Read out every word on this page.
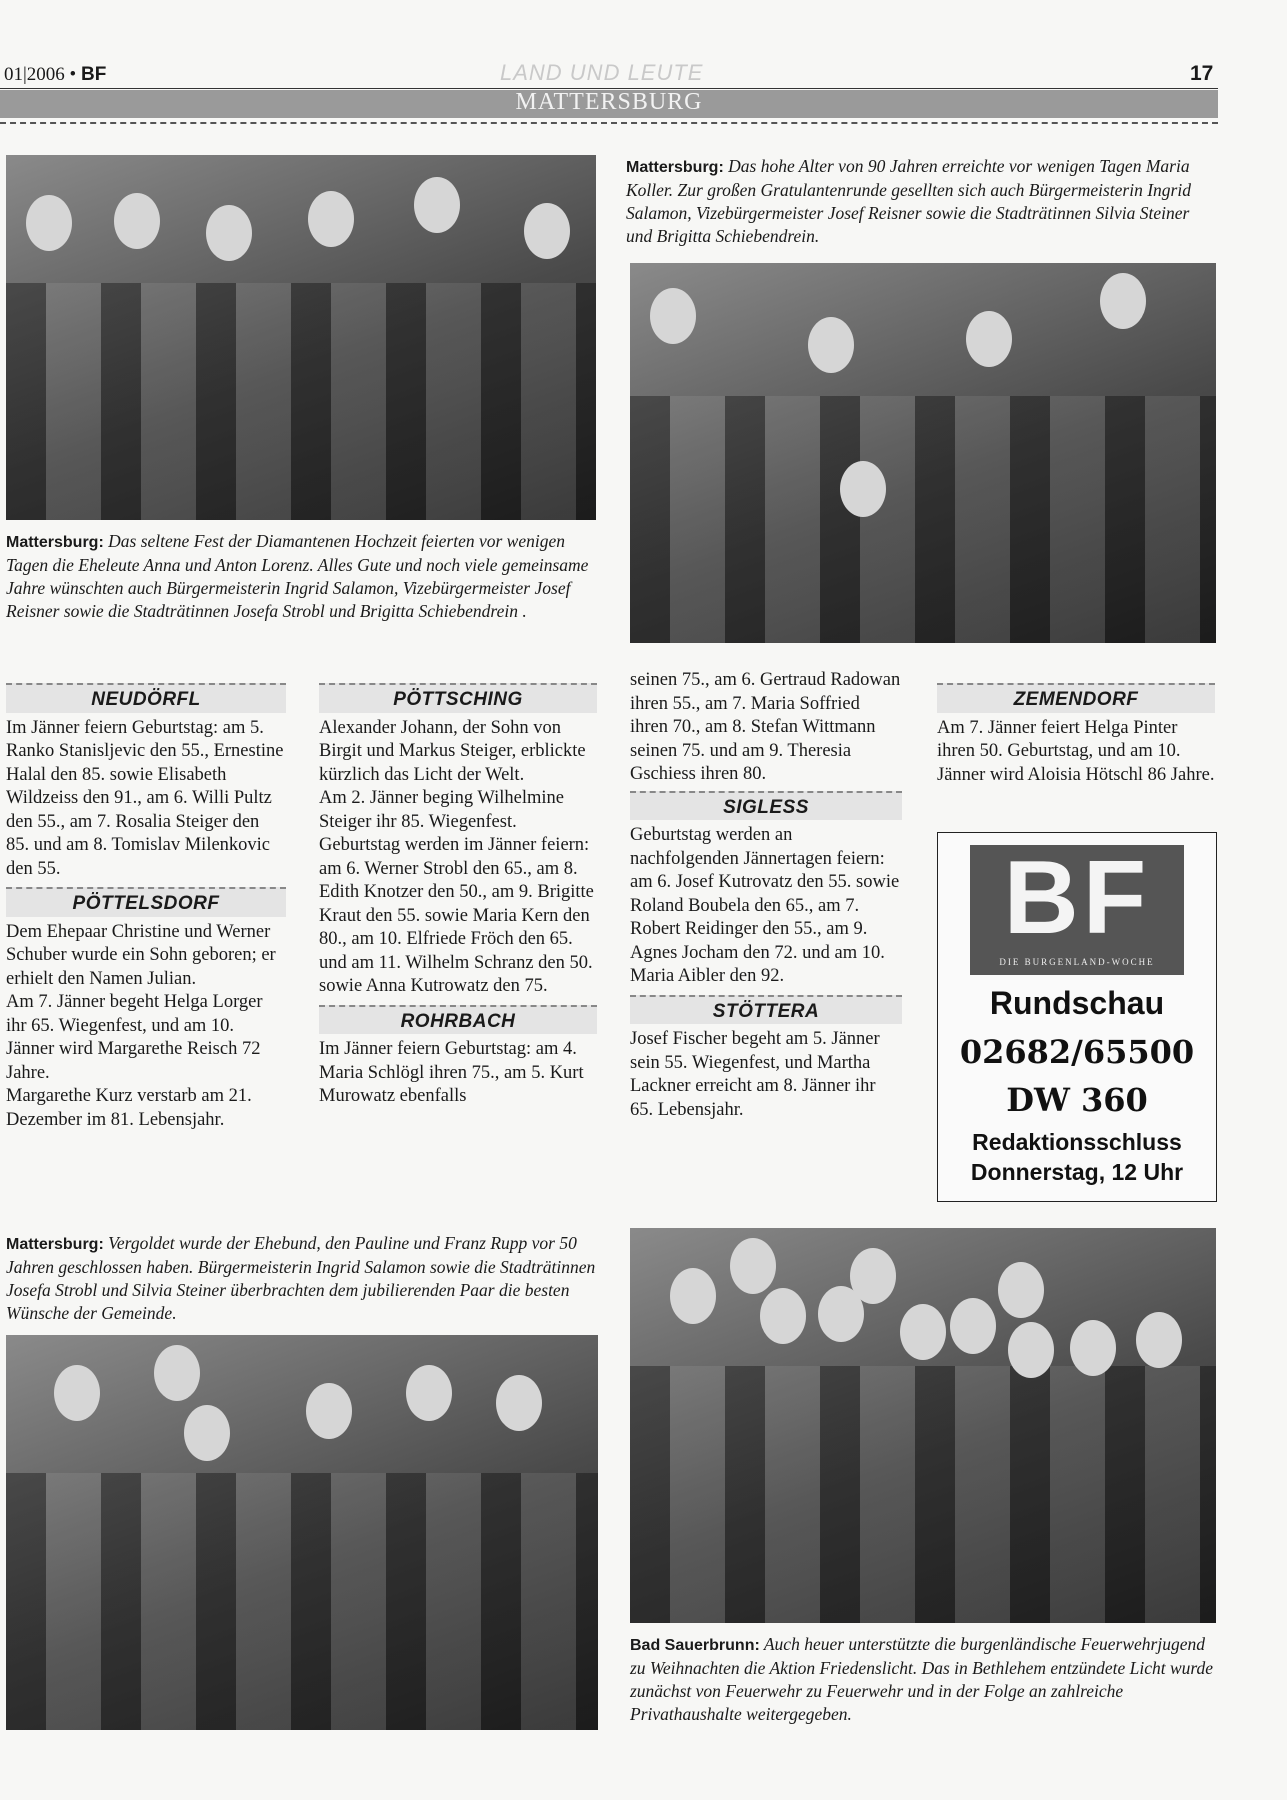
01|2006 • BF	LAND UND LEUTE	17
MATTERSBURG
Mattersburg: Das hohe Alter von 90 Jahren erreichte vor wenigen Tagen Maria Koller. Zur großen Gratulantenrunde gesellten sich auch Bürgermeisterin Ingrid Salamon, Vizebürgermeister Josef Reisner sowie die Stadträtinnen Silvia Steiner und Brigitta Schiebendrein.
Mattersburg: Das seltene Fest der Diamantenen Hochzeit feierten vor wenigen Tagen die Eheleute Anna und Anton Lorenz. Alles Gute und noch viele gemeinsame Jahre wünschten auch Bürgermeisterin Ingrid Salamon, Vizebürgermeister Josef Reisner sowie die Stadträtinnen Josefa Strobl und Brigitta Schiebendrein .
NEUDÖRFL

Im Jänner feiern Geburtstag: am 5. Ranko Stanisljevic den 55., Ernestine Halal den 85. sowie Elisabeth Wildzeiss den 91., am 6. Willi Pultz den 55., am 7. Rosalia Steiger den 85. und am 8. Tomislav Milenkovic den 55.

PÖTTELSDORF

Dem Ehepaar Christine und Werner Schuber wurde ein Sohn geboren; er erhielt den Namen Julian.

Am 7. Jänner begeht Helga Lorger ihr 65. Wiegenfest, und am 10. Jänner wird Margarethe Reisch 72 Jahre.

Margarethe Kurz verstarb am 21. Dezember im 81. Lebensjahr.

PÖTTSCHING

Alexander Johann, der Sohn von Birgit und Markus Steiger, erblickte kürzlich das Licht der Welt.

Am 2. Jänner beging Wilhelmine Steiger ihr 85. Wiegenfest.

Geburtstag werden im Jänner feiern: am 6. Werner Strobl den 65., am 8. Edith Knotzer den 50., am 9. Brigitte Kraut den 55. sowie Maria Kern den 80., am 10. Elfriede Fröch den 65. und am 11. Wilhelm Schranz den 50. sowie Anna Kutrowatz den 75.

ROHRBACH

Im Jänner feiern Geburtstag: am 4. Maria Schlögl ihren 75., am 5. Kurt Murowatz ebenfalls

seinen 75., am 6. Gertraud Radowan ihren 55., am 7. Maria Soffried ihren 70., am 8. Stefan Wittmann seinen 75. und am 9. Theresia Gschiess ihren 80.

SIGLESS

Geburtstag werden an nachfolgenden Jännertagen feiern: am 6. Josef Kutrovatz den 55. sowie Roland Boubela den 65., am 7. Robert Reidinger den 55., am 9. Agnes Jocham den 72. und am 10. Maria Aibler den 92.

STÖTTERA

Josef Fischer begeht am 5. Jänner sein 55. Wiegenfest, und Martha Lackner erreicht am 8. Jänner ihr 65. Lebensjahr.

ZEMENDORF

Am 7. Jänner feiert Helga Pinter ihren 50. Geburtstag, und am 10. Jänner wird Aloisia Hötschl 86 Jahre.

BF
DIE BURGENLAND-WOCHE
Rundschau
02682/65500
DW 360
Redaktionsschluss
Donnerstag, 12 Uhr
Mattersburg: Vergoldet wurde der Ehebund, den Pauline und Franz Rupp vor 50 Jahren geschlossen haben. Bürgermeisterin Ingrid Salamon sowie die Stadträtinnen Josefa Strobl und Silvia Steiner überbrachten dem jubilierenden Paar die besten Wünsche der Gemeinde.
Bad Sauerbrunn: Auch heuer unterstützte die burgenländische Feuerwehrjugend zu Weihnachten die Aktion Friedenslicht. Das in Bethlehem entzündete Licht wurde zunächst von Feuerwehr zu Feuerwehr und in der Folge an zahlreiche Privathaushalte weitergegeben.
